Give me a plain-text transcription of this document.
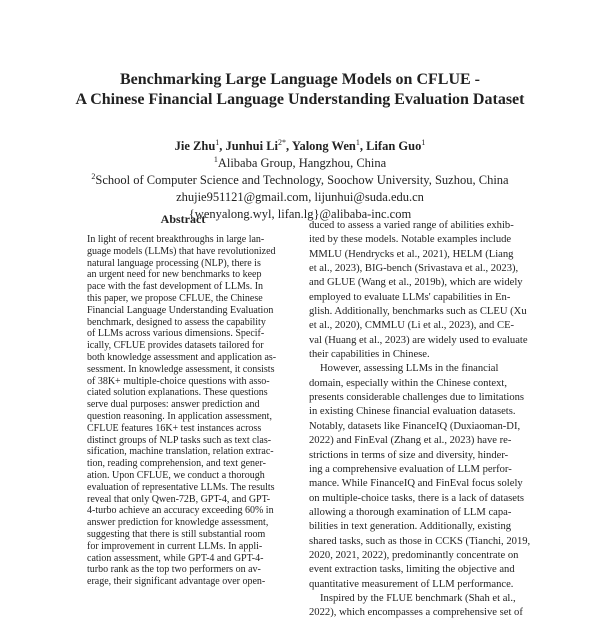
Benchmarking Large Language Models on CFLUE -
A Chinese Financial Language Understanding Evaluation Dataset
Jie Zhu$^1$, Junhui $Li^{2*}$, Yalong Wen$^1$, Lifan Guo$^1$
$^1$Alibaba Group, Hangzhou, China
$^2$School of Computer Science and Technology, Soochow University, Suzhou, China
zhujie951121@gmail.com, lijunhui@suda.edu.cn
{wenyalong.wyl, lifan.lg}@alibaba-inc.com
Abstract
In light of recent breakthroughs in large lan-
guage models (LLMs) that have revolutionized
natural language processing (NLP), there is
an urgent need for new benchmarks to keep
pace with the fast development of LLMs. In
this paper, we propose CFLUE, the Chinese
Financial Language Understanding Evaluation
benchmark, designed to assess the capability
of LLMs across various dimensions. Specif-
ically, CFLUE provides datasets tailored for
both knowledge assessment and application as-
sessment. In knowledge assessment, it consists
of 38K+ multiple-choice questions with asso-
ciated solution explanations. These questions
serve dual purposes: answer prediction and
question reasoning. In application assessment,
CFLUE features 16K+ test instances across
distinct groups of NLP tasks such as text clas-
sification, machine translation, relation extrac-
tion, reading comprehension, and text gener-
ation. Upon CFLUE, we conduct a thorough
evaluation of representative LLMs. The results
reveal that only Qwen-72B, GPT-4, and GPT-
4-turbo achieve an accuracy exceeding 60% in
answer prediction for knowledge assessment,
suggesting that there is still substantial room
for improvement in current LLMs. In appli-
cation assessment, while GPT-4 and GPT-4-
turbo rank as the top two performers on av-
erage, their significant advantage over open-

duced to assess a varied range of abilities exhib-
ited by these models. Notable examples include
MMLU (Hendrycks et al., 2021), HELM (Liang
et al., 2023), BIG-bench (Srivastava et al., 2023),
and GLUE (Wang et al., 2019b), which are widely
employed to evaluate LLMs' capabilities in En-
glish. Additionally, benchmarks such as CLEU (Xu
et al., 2020), CMMLU (Li et al., 2023), and CE-
val (Huang et al., 2023) are widely used to evaluate
their capabilities in Chinese.

However, assessing LLMs in the financial
domain, especially within the Chinese context,
presents considerable challenges due to limitations
in existing Chinese financial evaluation datasets.
Notably, datasets like FinanceIQ (Duxiaoman-DI,
2022) and FinEval (Zhang et al., 2023) have re-
strictions in terms of size and diversity, hinder-
ing a comprehensive evaluation of LLM perfor-
mance. While FinanceIQ and FinEval focus solely
on multiple-choice tasks, there is a lack of datasets
allowing a thorough examination of LLM capa-
bilities in text generation. Additionally, existing
shared tasks, such as those in CCKS (Tianchi, 2019,
2020, 2021, 2022), predominantly concentrate on
event extraction tasks, limiting the objective and
quantitative measurement of LLM performance.

Inspired by the FLUE benchmark (Shah et al.,
2022), which encompasses a comprehensive set of
